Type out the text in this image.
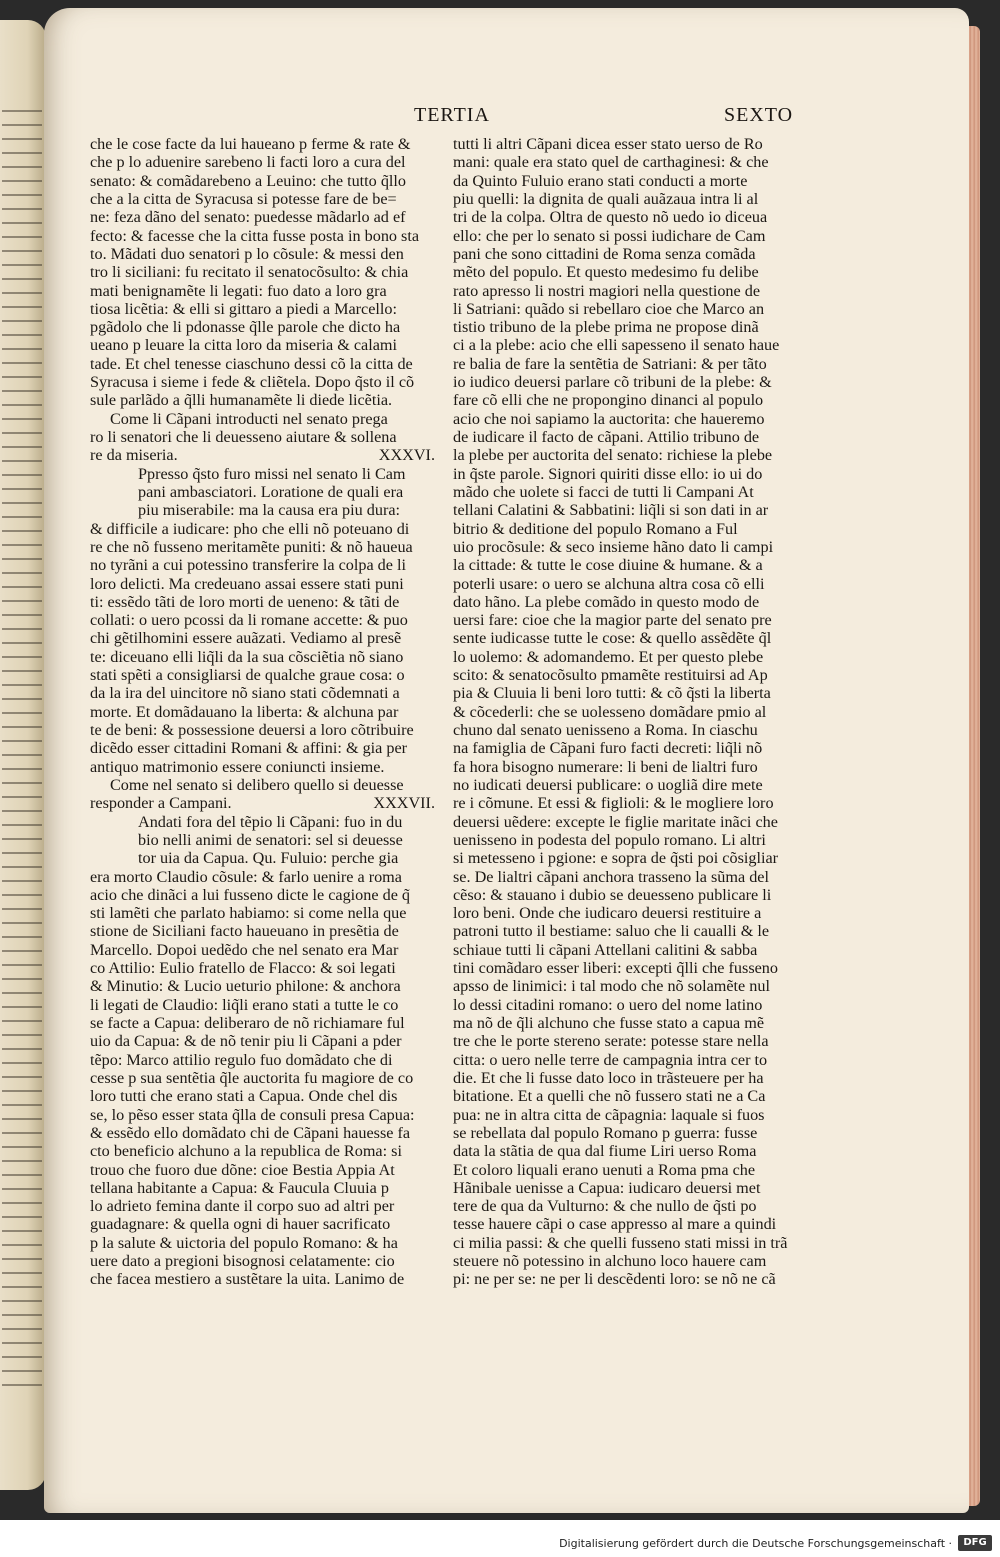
TERTIA	SEXTO
che le cose facte da lui haueano p ferme & rate &
che p lo aduenire sarebeno li facti loro a cura del
senato: & comãdarebeno a Leuino: che tutto q̃llo
che a la citta de Syracusa si potesse fare de be=
ne: feza dãno del senato: puedesse mãdarlo ad ef
fecto: & facesse che la citta fusse posta in bono sta
to. Mãdati duo senatori p lo cõsule: & messi den
tro li siciliani: fu recitato il senatocõsulto: & chia
mati benignamẽte li legati: fuo dato a loro gra
tiosa licẽtia: & elli si gittaro a piedi a Marcello:
pgãdolo che li pdonasse q̃lle parole che dicto ha
ueano p leuare la citta loro da miseria & calami
tade. Et chel tenesse ciaschuno dessi cõ la citta de
Syracusa i sieme i fede & cliẽtela. Dopo q̃sto il cõ
sule parlãdo a q̃lli humanamẽte li diede licẽtia.
Come li Cãpani introducti nel senato prega
ro li senatori che li deuesseno aiutare & sollena
re da miseria.	XXXVI.
Ppresso q̃sto furo missi nel senato li Cam
pani ambasciatori. Loratione de quali era
piu miserabile: ma la causa era piu dura:
& difficile a iudicare: pho che elli nõ poteuano di
re che nõ fusseno meritamẽte puniti: & nõ haueua
no tyrãni a cui potessino transferire la colpa de li
loro delicti. Ma credeuano assai essere stati puni
ti: essẽdo tãti de loro morti de ueneno: & tãti de
collati: o uero pcossi da li romane accette: & puo
chi gẽtilhomini essere auãzati. Vediamo al presẽ
te: diceuano elli liq̃li da la sua cõsciẽtia nõ siano
stati spẽti a consigliarsi de qualche graue cosa: o
da la ira del uincitore nõ siano stati cõdemnati a
morte. Et domãdauano la liberta: & alchuna par
te de beni: & possessione deuersi a loro cõtribuire
dicẽdo esser cittadini Romani & affini: & gia per
antiquo matrimonio essere coniuncti insieme.
Come nel senato si delibero quello si deuesse
responder a Campani.	XXXVII.
Andati fora del tẽpio li Cãpani: fuo in du
bio nelli animi de senatori: sel si deuesse
tor uia da Capua. Qu. Fuluio: perche gia
era morto Claudio cõsule: & farlo uenire a roma
acio che dinãci a lui fusseno dicte le cagione de q̃
sti lamẽti che parlato habiamo: si come nella que
stione de Siciliani facto haueuano in presẽtia de
Marcello. Dopoi uedẽdo che nel senato era Mar
co Attilio: Eulio fratello de Flacco: & soi legati
& Minutio: & Lucio ueturio philone: & anchora
li legati de Claudio: liq̃li erano stati a tutte le co
se facte a Capua: deliberaro de nõ richiamare ful
uio da Capua: & de nõ tenir piu li Cãpani a pder
tẽpo: Marco attilio regulo fuo domãdato che di
cesse p sua sentẽtia q̃le auctorita fu magiore de co
loro tutti che erano stati a Capua. Onde chel dis
se, lo pẽso esser stata q̃lla de consuli presa Capua:
& essẽdo ello domãdato chi de Cãpani hauesse fa
cto beneficio alchuno a la republica de Roma: si
trouo che fuoro due dõne: cioe Bestia Appia At
tellana habitante a Capua: & Faucula Cluuia p
lo adrieto femina dante il corpo suo ad altri per
guadagnare: & quella ogni di hauer sacrificato
p la salute & uictoria del populo Romano: & ha
uere dato a pregioni bisognosi celatamente: cio
che facea mestiero a sustẽtare la uita. Lanimo de
tutti li altri Cãpani dicea esser stato uerso de Ro
mani: quale era stato quel de carthaginesi: & che
da Quinto Fuluio erano stati conducti a morte
piu quelli: la dignita de quali auãzaua intra li al
tri de la colpa. Oltra de questo nõ uedo io diceua
ello: che per lo senato si possi iudichare de Cam
pani che sono cittadini de Roma senza comãda
mẽto del populo. Et questo medesimo fu delibe
rato apresso li nostri magiori nella questione de
li Satriani: quãdo si rebellaro cioe che Marco an
tistio tribuno de la plebe prima ne propose dinã
ci a la plebe: acio che elli sapesseno il senato haue
re balia de fare la sentẽtia de Satriani: & per tãto
io iudico deuersi parlare cõ tribuni de la plebe: &
fare cõ elli che ne propongino dinanci al populo
acio che noi sapiamo la auctorita: che haueremo
de iudicare il facto de cãpani. Attilio tribuno de
la plebe per auctorita del senato: richiese la plebe
in q̃ste parole. Signori quiriti disse ello: io ui do
mãdo che uolete si facci de tutti li Campani At
tellani Calatini & Sabbatini: liq̃li si son dati in ar
bitrio & deditione del populo Romano a Ful
uio procõsule: & seco insieme hãno dato li campi
la cittade: & tutte le cose diuine & humane. & a
poterli usare: o uero se alchuna altra cosa cõ elli
dato hãno. La plebe comãdo in questo modo de
uersi fare: cioe che la magior parte del senato pre
sente iudicasse tutte le cose: & quello assẽdẽte q̃l
lo uolemo: & adomandemo. Et per questo plebe
scito: & senatocõsulto pmamẽte restituirsi ad Ap
pia & Cluuia li beni loro tutti: & cõ q̃sti la liberta
& cõcederli: che se uolesseno domãdare pmio al
chuno dal senato uenisseno a Roma. In ciaschu
na famiglia de Cãpani furo facti decreti: liq̃li nõ
fa hora bisogno numerare: li beni de lialtri furo
no iudicati deuersi publicare: o uogliã dire mete
re i cõmune. Et essi & figlioli: & le mogliere loro
deuersi uẽdere: excepte le figlie maritate inãci che
uenisseno in podesta del populo romano. Li altri
si metesseno i pgione: e sopra de q̃sti poi cõsigliar
se. De lialtri cãpani anchora trasseno la sũma del
cẽso: & stauano i dubio se deuesseno publicare li
loro beni. Onde che iudicaro deuersi restituire a
patroni tutto il bestiame: saluo che li caualli & le
schiaue tutti li cãpani Attellani calitini & sabba
tini comãdaro esser liberi: excepti q̃lli che fusseno
apsso de linimici: i tal modo che nõ solamẽte nul
lo dessi citadini romano: o uero del nome latino
ma nõ de q̃li alchuno che fusse stato a capua mẽ
tre che le porte stereno serate: potesse stare nella
citta: o uero nelle terre de campagnia intra cer to
die. Et che li fusse dato loco in trãsteuere per ha
bitatione. Et a quelli che nõ fussero stati ne a Ca
pua: ne in altra citta de cãpagnia: laquale si fuos
se rebellata dal populo Romano p guerra: fusse
data la stãtia de qua dal fiume Liri uerso Roma
Et coloro liquali erano uenuti a Roma pma che
Hãnibale uenisse a Capua: iudicaro deuersi met
tere de qua da Vulturno: & che nullo de q̃sti po
tesse hauere cãpi o case appresso al mare a quindi
ci milia passi: & che quelli fusseno stati missi in trã
steuere nõ potessino in alchuno loco hauere cam
pi: ne per se: ne per li descẽdenti loro: se nõ ne cã
Digitalisierung gefördert durch die Deutsche Forschungsgemeinschaft ·	DFG
